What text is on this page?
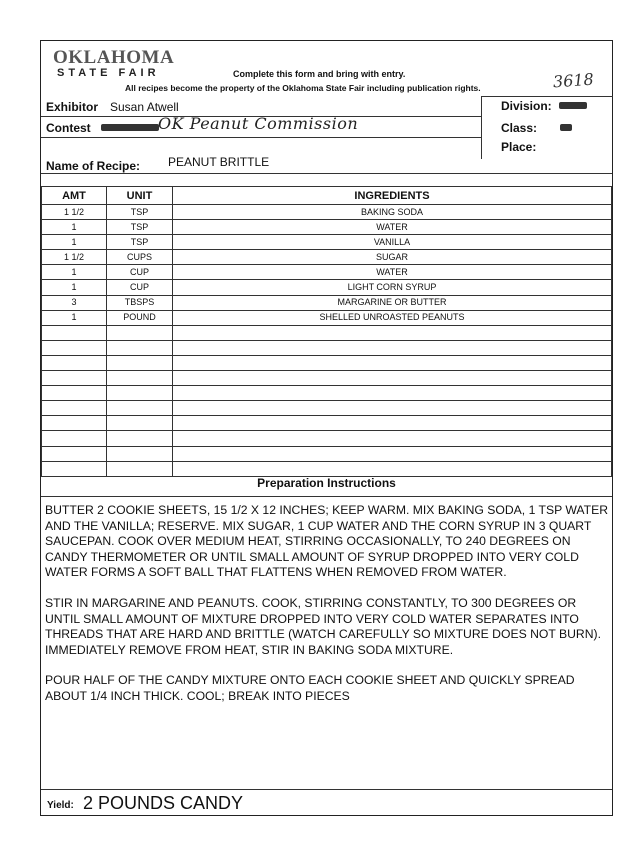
OKLAHOMA
STATE FAIR	Complete this form and bring with entry.
All recipes become the property of the Oklahoma State Fair including publication rights.	3618
Division:
Class:
Place:
Exhibitor Susan Atwell
Contest	OK Peanut Commission
Name of Recipe: PEANUT BRITTLE
AMT	UNIT	INGREDIENTS
1 1/2	TSP	BAKING SODA
1	TSP	WATER
1	TSP	VANILLA
1 1/2	CUPS	SUGAR
1	CUP	WATER
1	CUP	LIGHT CORN SYRUP
3	TBSPS	MARGARINE OR BUTTER
1	POUND	SHELLED UNROASTED PEANUTS

Preparation Instructions

BUTTER 2 COOKIE SHEETS, 15 1/2 X 12 INCHES; KEEP WARM. MIX BAKING SODA, 1 TSP WATER AND THE VANILLA; RESERVE. MIX SUGAR, 1 CUP WATER AND THE CORN SYRUP IN 3 QUART SAUCEPAN. COOK OVER MEDIUM HEAT, STIRRING OCCASIONALLY, TO 240 DEGREES ON CANDY THERMOMETER OR UNTIL SMALL AMOUNT OF SYRUP DROPPED INTO VERY COLD WATER FORMS A SOFT BALL THAT FLATTENS WHEN REMOVED FROM WATER.

STIR IN MARGARINE AND PEANUTS. COOK, STIRRING CONSTANTLY, TO 300 DEGREES OR UNTIL SMALL AMOUNT OF MIXTURE DROPPED INTO VERY COLD WATER SEPARATES INTO THREADS THAT ARE HARD AND BRITTLE (WATCH CAREFULLY SO MIXTURE DOES NOT BURN). IMMEDIATELY REMOVE FROM HEAT, STIR IN BAKING SODA MIXTURE.

POUR HALF OF THE CANDY MIXTURE ONTO EACH COOKIE SHEET AND QUICKLY SPREAD ABOUT 1/4 INCH THICK. COOL; BREAK INTO PIECES

Yield: 2 POUNDS CANDY
